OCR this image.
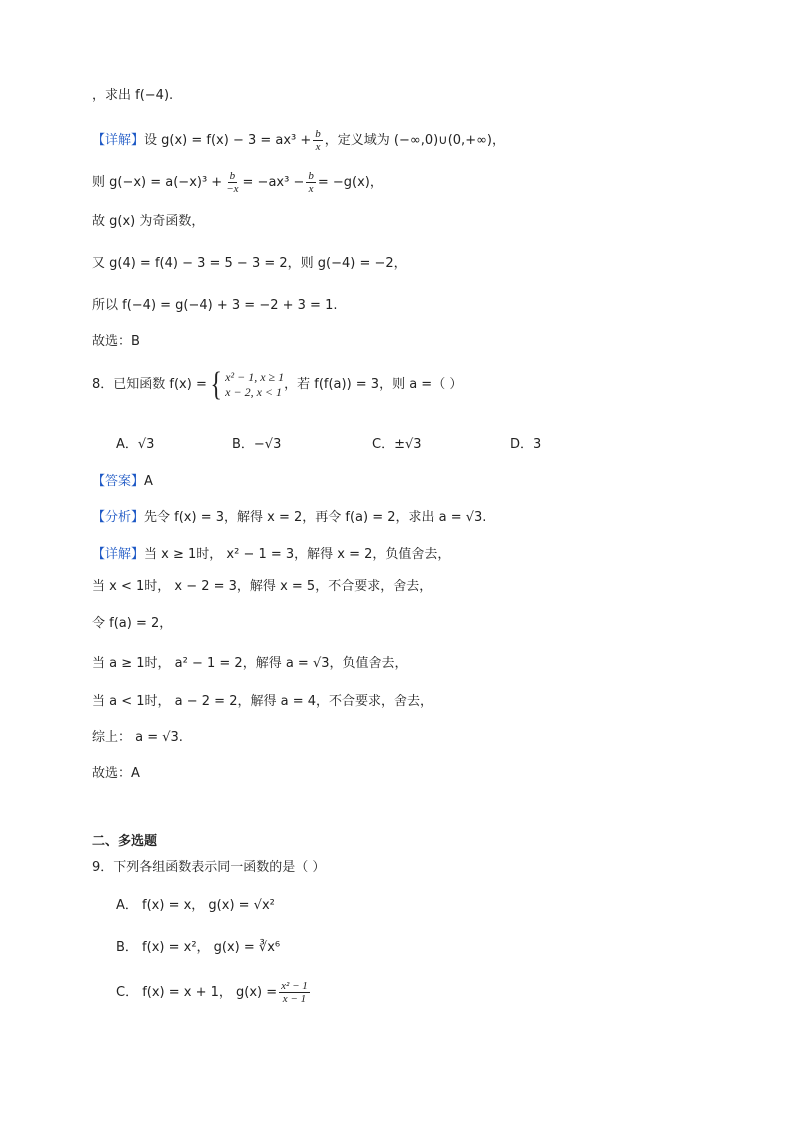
，求出 f(−4).
【详解】设 $g(x) = f(x) - 3 = ax^3 + \frac{b}{x}$ ，定义域为 (−∞,0)∪(0,+∞)，
则 $g(-x) = a(-x)^3 + \frac{b}{-x} = -ax^3 - \frac{b}{x} = -g(x)$，
故 g(x) 为奇函数，
又 g(4) = f(4) − 3 = 5 − 3 = 2，则 g(−4) = −2，
所以 f(−4) = g(−4) + 3 = −2 + 3 = 1.
故选：B
8．已知函数 f(x) = { x² − 1, x ≥ 1
x − 2, x < 1 ，若 f(f(a)) = 3，则 a =（ ）
A．√3	B．−√3	C．±√3	D．3
【答案】A
【分析】先令 f(x) = 3，解得 x = 2，再令 f(a) = 2，求出 a = √3.
【详解】当 x ≥ 1时， x² − 1 = 3，解得 x = 2，负值舍去，
当 x < 1时， x − 2 = 3，解得 x = 5，不合要求，舍去，
令 f(a) = 2，
当 a ≥ 1时， a² − 1 = 2，解得 a = √3，负值舍去，
当 a < 1时， a − 2 = 2，解得 a = 4，不合要求，舍去，
综上： a = √3.
故选：A
二、多选题
9．下列各组函数表示同一函数的是（ ）
A． f(x) = x， g(x) = √x²
B． f(x) = x²， g(x) = ∛x⁶
C． f(x) = x + 1， $g(x) = \frac{\text{x² − 1}}{x - 1}$
